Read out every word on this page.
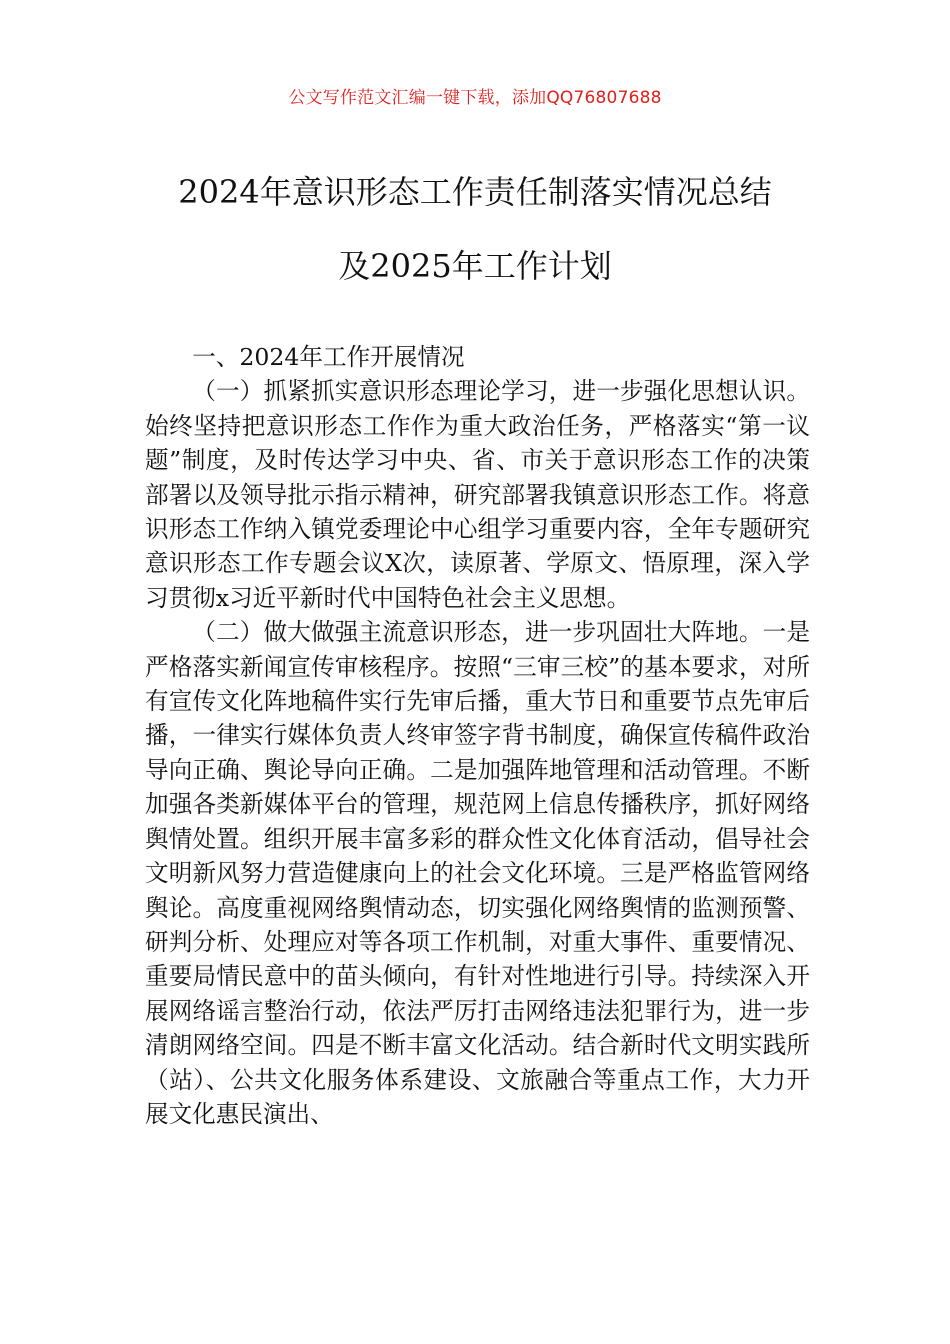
公文写作范文汇编一键下载，添加QQ76807688
2024年意识形态工作责任制落实情况总结
及2025年工作计划

一、2024年工作开展情况

（一）抓紧抓实意识形态理论学习，进一步强化思想认识。始终坚持把意识形态工作作为重大政治任务，严格落实“第一议题”制度，及时传达学习中央、省、市关于意识形态工作的决策部署以及领导批示指示精神，研究部署我镇意识形态工作。将意识形态工作纳入镇党委理论中心组学习重要内容，全年专题研究意识形态工作专题会议X次，读原著、学原文、悟原理，深入学习贯彻x习近平新时代中国特色社会主义思想。

（二）做大做强主流意识形态，进一步巩固壮大阵地。一是严格落实新闻宣传审核程序。按照“三审三校”的基本要求，对所有宣传文化阵地稿件实行先审后播，重大节日和重要节点先审后播，一律实行媒体负责人终审签字背书制度，确保宣传稿件政治导向正确、舆论导向正确。二是加强阵地管理和活动管理。不断加强各类新媒体平台的管理，规范网上信息传播秩序，抓好网络舆情处置。组织开展丰富多彩的群众性文化体育活动，倡导社会文明新风努力营造健康向上的社会文化环境。三是严格监管网络舆论。高度重视网络舆情动态，切实强化网络舆情的监测预警、研判分析、处理应对等各项工作机制，对重大事件、重要情况、重要局情民意中的苗头倾向，有针对性地进行引导。持续深入开展网络谣言整治行动，依法严厉打击网络违法犯罪行为，进一步清朗网络空间。四是不断丰富文化活动。结合新时代文明实践所（站）、公共文化服务体系建设、文旅融合等重点工作，大力开展文化惠民演出、
